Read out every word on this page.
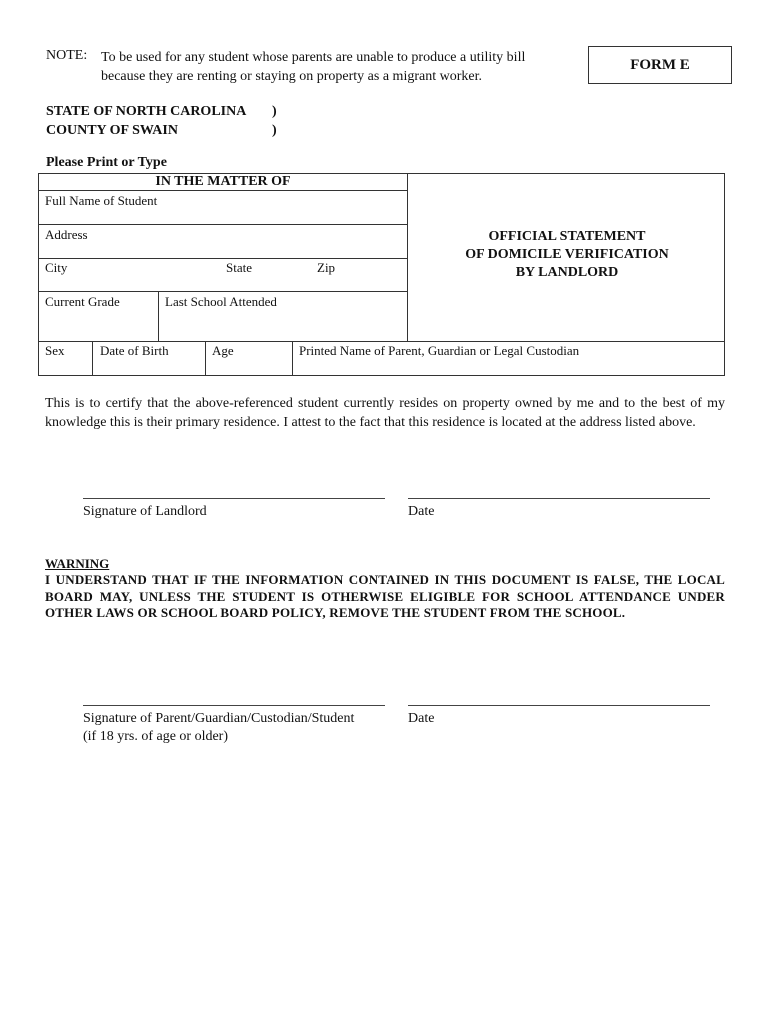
NOTE: To be used for any student whose parents are unable to produce a utility bill because they are renting or staying on property as a migrant worker.
FORM E
STATE OF NORTH CAROLINA )
COUNTY OF SWAIN	)
Please Print or Type
IN THE MATTER OF
Full Name of Student
Address
City	State	Zip
Current Grade	Last School Attended
Sex	Date of Birth	Age	Printed Name of Parent, Guardian or Legal Custodian
OFFICIAL STATEMENT
OF DOMICILE VERIFICATION
BY LANDLORD
This is to certify that the above-referenced student currently resides on property owned by me and to the best of my knowledge this is their primary residence. I attest to the fact that this residence is located at the address listed above.
Signature of Landlord	Date
WARNING
I UNDERSTAND THAT IF THE INFORMATION CONTAINED IN THIS DOCUMENT IS FALSE, THE LOCAL BOARD MAY, UNLESS THE STUDENT IS OTHERWISE ELIGIBLE FOR SCHOOL ATTENDANCE UNDER OTHER LAWS OR SCHOOL BOARD POLICY, REMOVE THE STUDENT FROM THE SCHOOL.
Signature of Parent/Guardian/Custodian/Student
(if 18 yrs. of age or older)
Date
